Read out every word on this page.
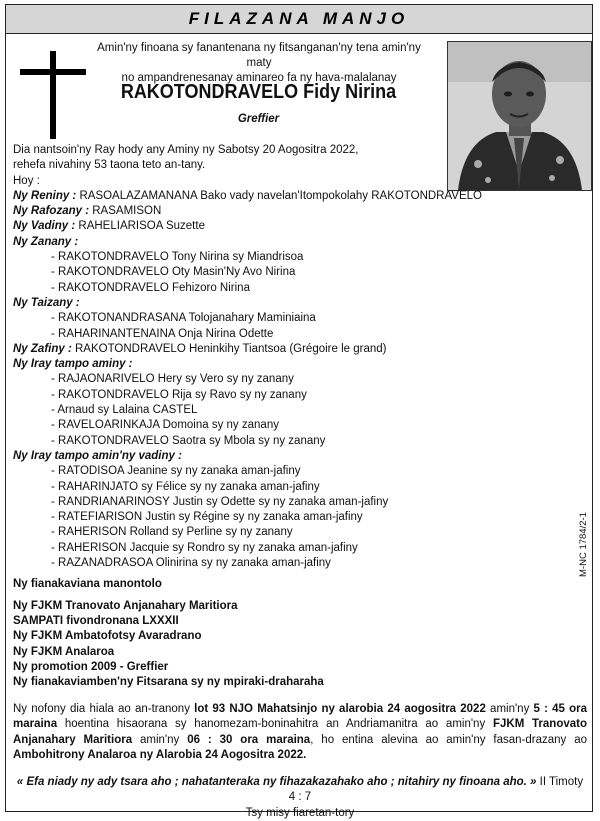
FILAZANA MANJO
Amin'ny finoana sy fanantenana ny fitsanganan'ny tena amin'ny maty
no ampandrenesanay aminareo fa ny hava-malalanay
RAKOTONDRAVELO Fidy Nirina
Greffier
Dia nantsoin'ny Ray hody any Aminy ny Sabotsy 20 Aogositra 2022,
rehefa nivahiny 53 taona teto an-tany.
Hoy :
Ny Reniny : RASOALAZAMANANA Bako vady navelan'Itompokolahy RAKOTONDRAVELO
Ny Rafozany : RASAMISON
Ny Vadiny : RAHELIARISOA Suzette
Ny Zanany :
- RAKOTONDRAVELO Tony Nirina sy Miandrisoa
- RAKOTONDRAVELO Oty Masin'Ny Avo Nirina
- RAKOTONDRAVELO Fehizoro Nirina
Ny Taizany :
- RAKOTONANDRASANA Tolojanahary Maminiaina
- RAHARINANTENAINA Onja Nirina Odette
Ny Zafiny : RAKOTONDRAVELO Heninkihy Tiantsoa (Grégoire le grand)
Ny Iray tampo aminy :
- RAJAONARIVELO Hery sy Vero sy ny zanany
- RAKOTONDRAVELO Rija sy Ravo sy ny zanany
- Arnaud sy Lalaina CASTEL
- RAVELOARINKAJA Domoina sy ny zanany
- RAKOTONDRAVELO Saotra sy Mbola sy ny zanany
Ny Iray tampo amin'ny vadiny :
- RATODISOA Jeanine sy ny zanaka aman-jafiny
- RAHARINJATO sy Félice sy ny zanaka aman-jafiny
- RANDRIANARINOSY Justin sy Odette sy ny zanaka aman-jafiny
- RATEFIARISON Justin sy Régine sy ny zanaka aman-jafiny
- RAHERISON Rolland sy Perline sy ny zanany
- RAHERISON Jacquie sy Rondro sy ny zanaka aman-jafiny
- RAZANADRASOA Olinirina sy ny zanaka aman-jafiny
Ny fianakaviana manontolo
Ny FJKM Tranovato Anjanahary Maritiora
SAMPATI fivondronana LXXXII
Ny FJKM Ambatofotsy Avaradrano
Ny FJKM Analaroa
Ny promotion 2009 - Greffier
Ny fianakaviamben'ny Fitsarana sy ny mpiraki-draharaha
M-NC 1784/2-1
Ny nofony dia hiala ao an-tranony lot 93 NJO Mahatsinjo ny alarobia 24 aogositra 2022 amin'ny 5 : 45 ora maraina hoentina hisaorana sy hanomezam-boninahitra an Andriamanitra ao amin'ny FJKM Tranovato Anjanahary Maritiora amin'ny 06 : 30 ora maraina, ho entina alevina ao amin'ny fasan-drazany ao Ambohitrony Analaroa ny Alarobia 24 Aogositra 2022.
« Efa niady ny ady tsara aho ; nahatanteraka ny fihazakazahako aho ; nitahiry ny finoana aho. » II Timoty 4 : 7
Tsy misy fiaretan-tory
